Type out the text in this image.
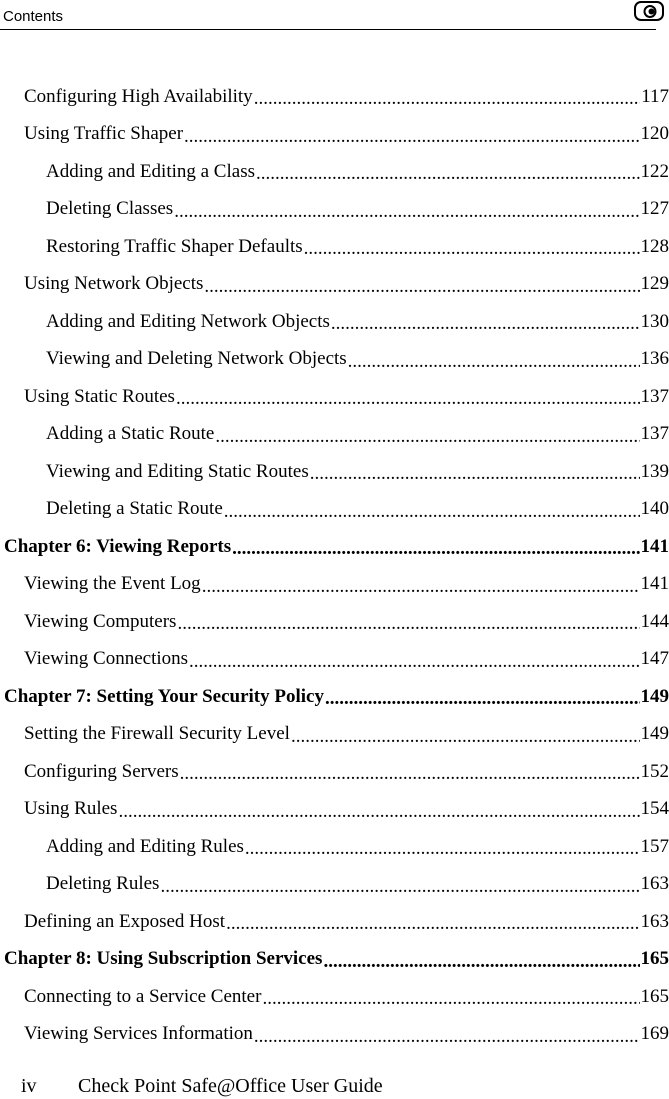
Contents
Configuring High Availability .....	117
Using Traffic Shaper .....	120
Adding and Editing a Class .....	122
Deleting Classes .....	127
Restoring Traffic Shaper Defaults .....	128
Using Network Objects .....	129
Adding and Editing Network Objects .....	130
Viewing and Deleting Network Objects .....	136
Using Static Routes .....	137
Adding a Static Route .....	137
Viewing and Editing Static Routes .....	139
Deleting a Static Route .....	140
Chapter 6: Viewing Reports .....	141
Viewing the Event Log .....	141
Viewing Computers .....	144
Viewing Connections .....	147
Chapter 7: Setting Your Security Policy .....	149
Setting the Firewall Security Level .....	149
Configuring Servers .....	152
Using Rules .....	154
Adding and Editing Rules .....	157
Deleting Rules .....	163
Defining an Exposed Host .....	163
Chapter 8: Using Subscription Services .....	165
Connecting to a Service Center .....	165
Viewing Services Information .....	169
iv Check Point Safe@Office User Guide
